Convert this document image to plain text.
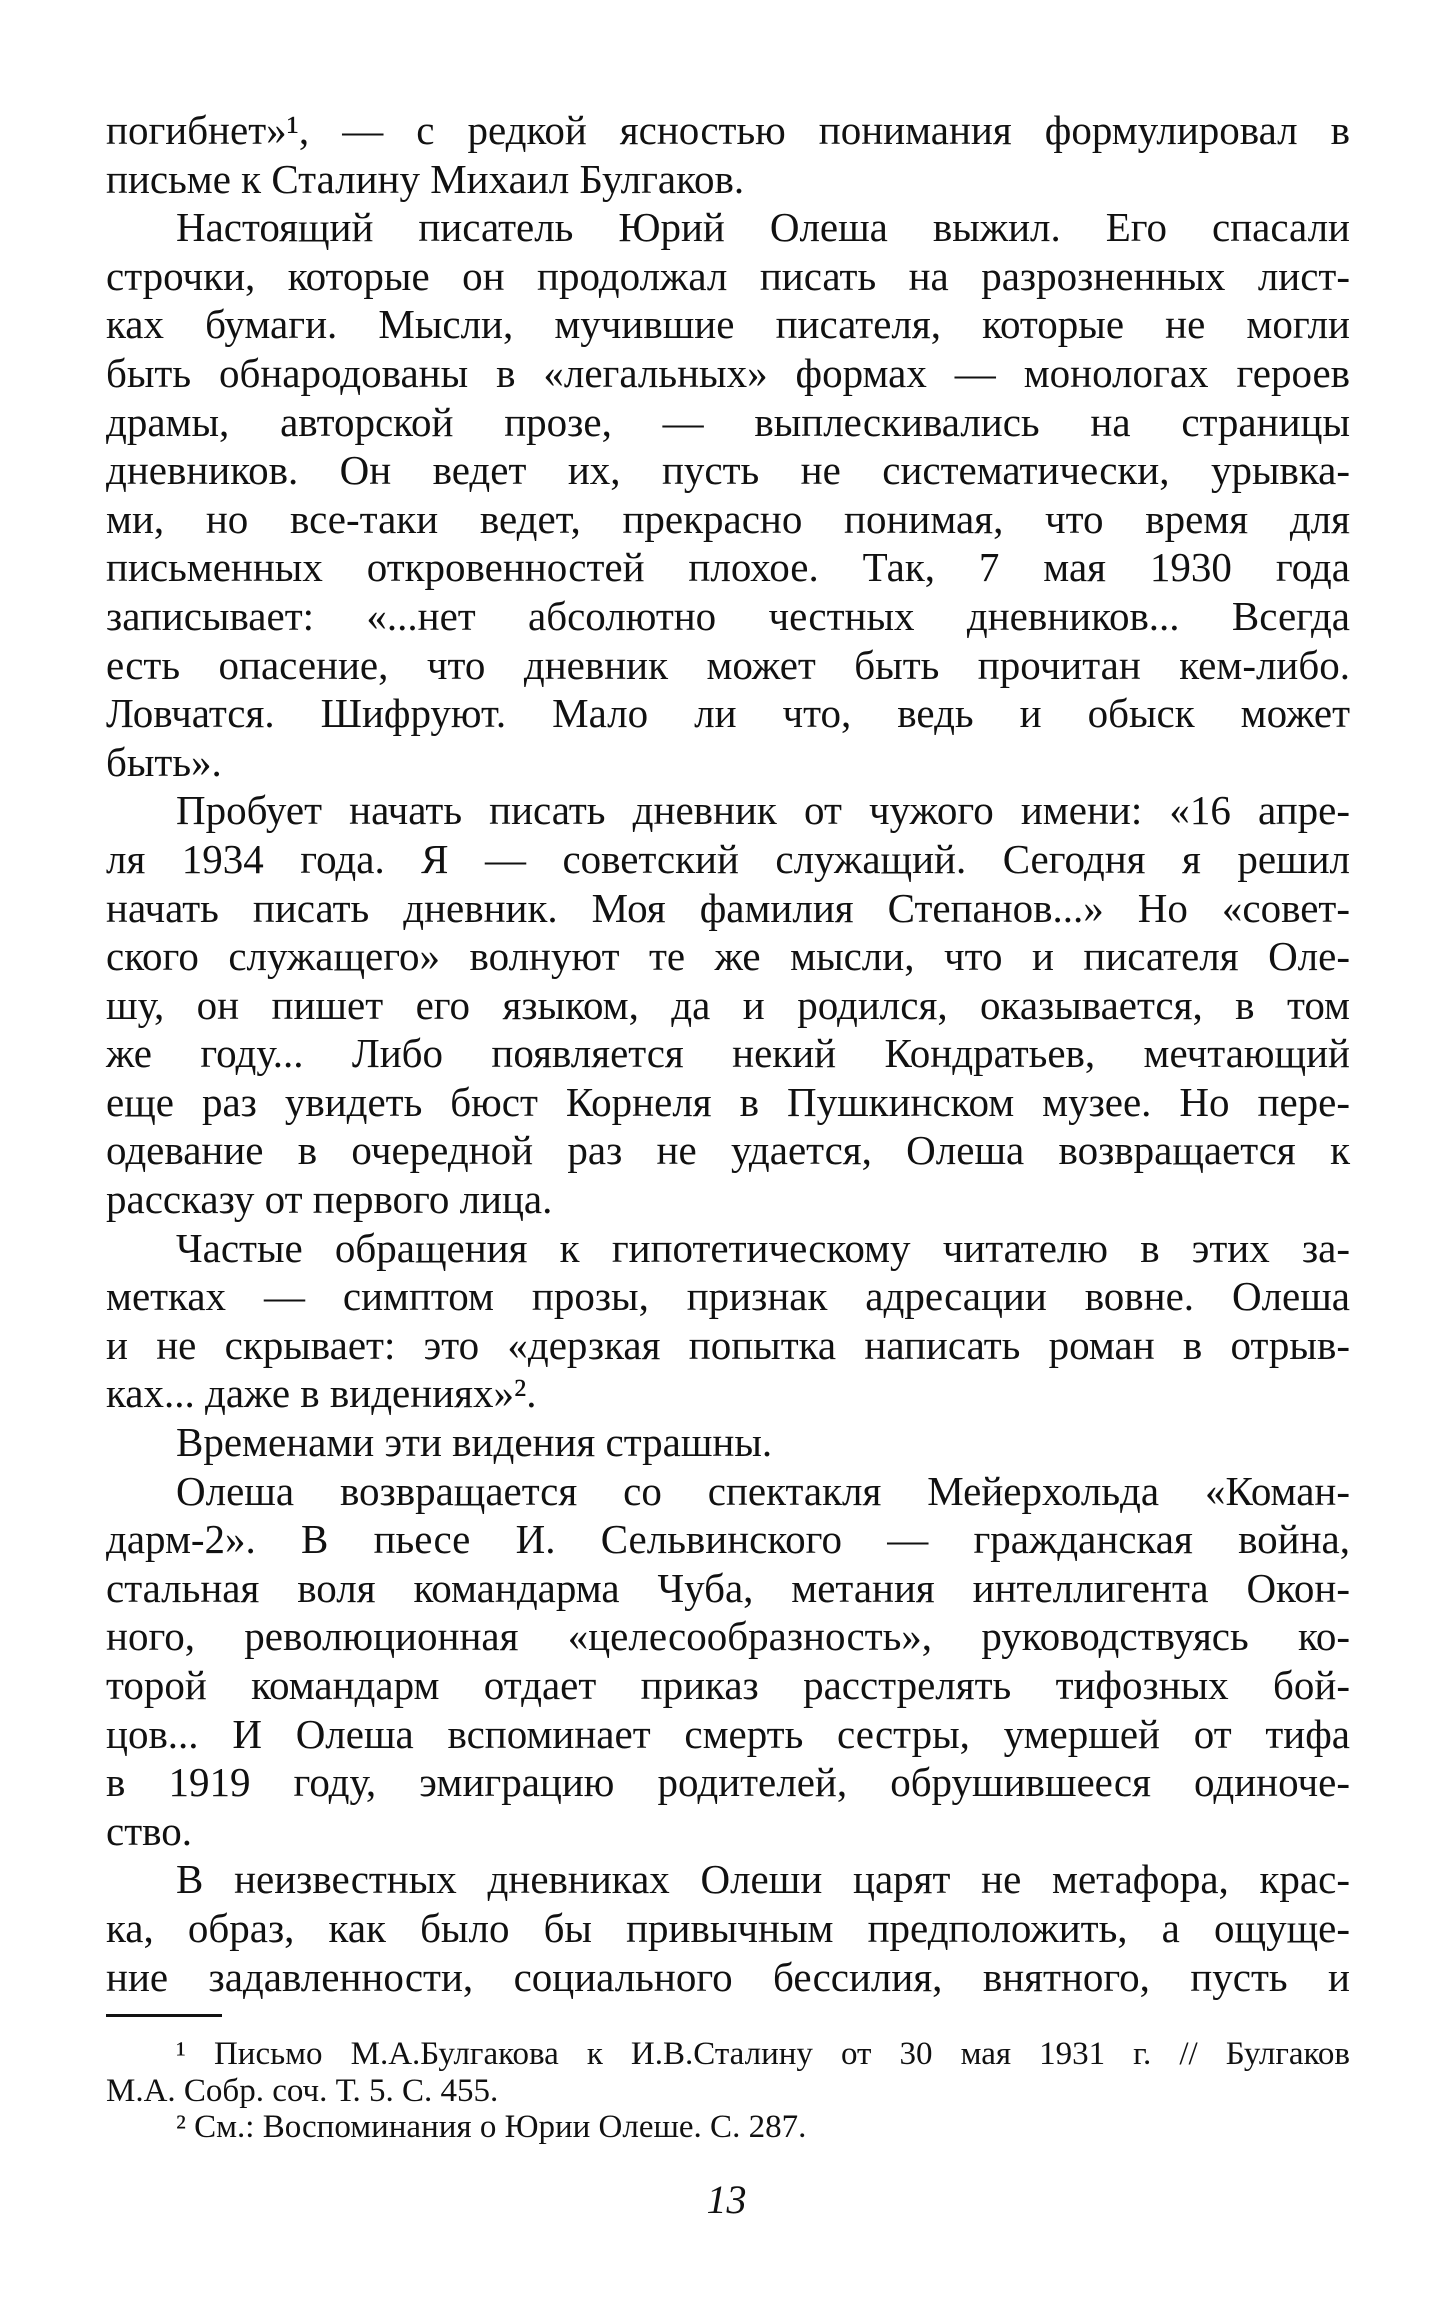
погибнет»¹, — с редкой ясностью понимания формулировал в
письме к Сталину Михаил Булгаков.
Настоящий писатель Юрий Олеша выжил. Его спасали
строчки, которые он продолжал писать на разрозненных лист-
ках бумаги. Мысли, мучившие писателя, которые не могли
быть обнародованы в «легальных» формах — монологах героев
драмы, авторской прозе, — выплескивались на страницы
дневников. Он ведет их, пусть не систематически, урывка-
ми, но все-таки ведет, прекрасно понимая, что время для
письменных откровенностей плохое. Так, 7 мая 1930 года
записывает: «...нет абсолютно честных дневников... Всегда
есть опасение, что дневник может быть прочитан кем-либо.
Ловчатся. Шифруют. Мало ли что, ведь и обыск может
быть».
Пробует начать писать дневник от чужого имени: «16 апре-
ля 1934 года. Я — советский служащий. Сегодня я решил
начать писать дневник. Моя фамилия Степанов...» Но «совет-
ского служащего» волнуют те же мысли, что и писателя Оле-
шу, он пишет его языком, да и родился, оказывается, в том
же году... Либо появляется некий Кондратьев, мечтающий
еще раз увидеть бюст Корнеля в Пушкинском музее. Но пере-
одевание в очередной раз не удается, Олеша возвращается к
рассказу от первого лица.
Частые обращения к гипотетическому читателю в этих за-
метках — симптом прозы, признак адресации вовне. Олеша
и не скрывает: это «дерзкая попытка написать роман в отрыв-
ках... даже в видениях»².
Временами эти видения страшны.
Олеша возвращается со спектакля Мейерхольда «Коман-
дарм-2». В пьесе И. Сельвинского — гражданская война,
стальная воля командарма Чуба, метания интеллигента Окон-
ного, революционная «целесообразность», руководствуясь ко-
торой командарм отдает приказ расстрелять тифозных бой-
цов... И Олеша вспоминает смерть сестры, умершей от тифа
в 1919 году, эмиграцию родителей, обрушившееся одиноче-
ство.
В неизвестных дневниках Олеши царят не метафора, крас-
ка, образ, как было бы привычным предположить, а ощуще-
ние задавленности, социального бессилия, внятного, пусть и
¹ Письмо М.А.Булгакова к И.В.Сталину от 30 мая 1931 г. // Булгаков
М.А. Собр. соч. Т. 5. С. 455.
² См.: Воспоминания о Юрии Олеше. С. 287.
13
